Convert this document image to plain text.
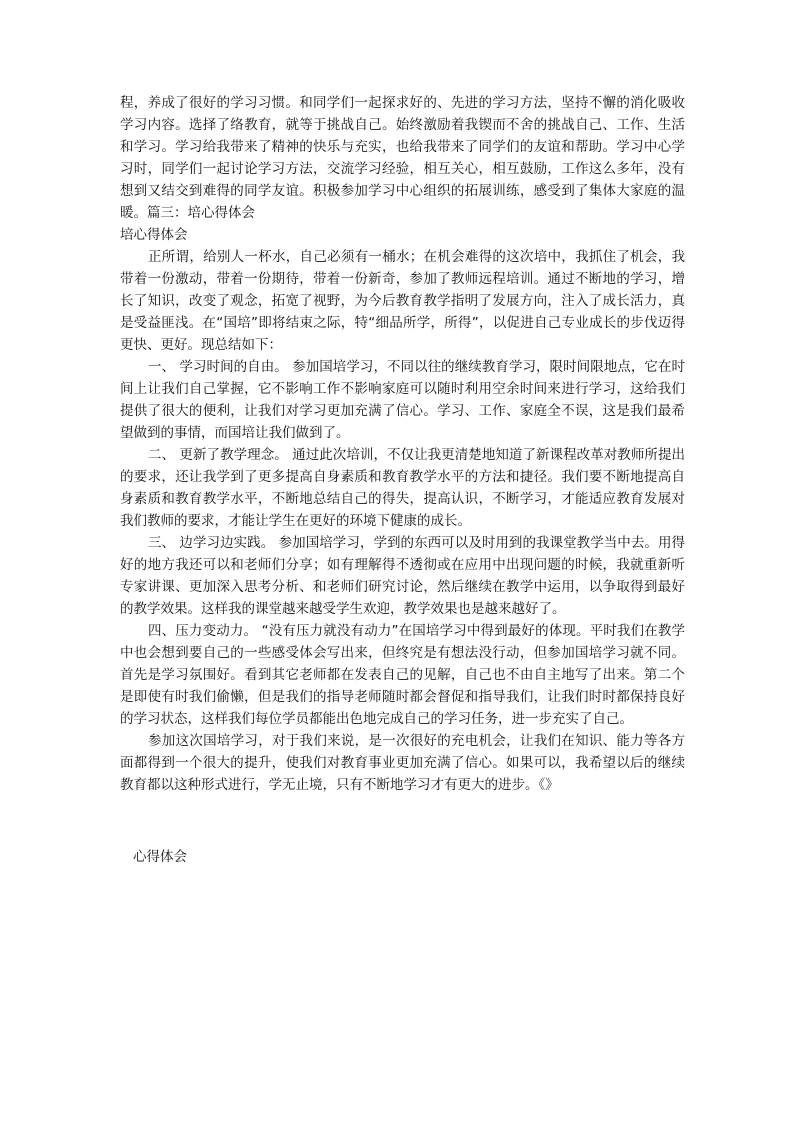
程，养成了很好的学习习惯。和同学们一起探求好的、先进的学习方法，坚持不懈的消化吸收学习内容。选择了络教育，就等于挑战自己。始终激励着我锲而不舍的挑战自己、工作、生活和学习。学习给我带来了精神的快乐与充实，也给我带来了同学们的友谊和帮助。学习中心学习时，同学们一起讨论学习方法，交流学习经验，相互关心，相互鼓励，工作这么多年，没有想到又结交到难得的同学友谊。积极参加学习中心组织的拓展训练，感受到了集体大家庭的温暖。篇三：培心得体会

培心得体会

正所谓，给别人一杯水，自己必须有一桶水；在机会难得的这次培中，我抓住了机会，我带着一份激动，带着一份期待，带着一份新奇，参加了教师远程培训。通过不断地的学习，增长了知识，改变了观念，拓宽了视野，为今后教育教学指明了发展方向，注入了成长活力，真是受益匪浅。在“国培”即将结束之际，特“细品所学，所得”，以促进自己专业成长的步伐迈得更快、更好。现总结如下：

一、 学习时间的自由。 参加国培学习，不同以往的继续教育学习，限时间限地点，它在时间上让我们自己掌握，它不影响工作不影响家庭可以随时利用空余时间来进行学习，这给我们提供了很大的便利，让我们对学习更加充满了信心。学习、工作、家庭全不误，这是我们最希望做到的事情，而国培让我们做到了。

二、 更新了教学理念。 通过此次培训，不仅让我更清楚地知道了新课程改革对教师所提出的要求，还让我学到了更多提高自身素质和教育教学水平的方法和捷径。我们要不断地提高自身素质和教育教学水平，不断地总结自己的得失，提高认识，不断学习，才能适应教育发展对我们教师的要求，才能让学生在更好的环境下健康的成长。

三、 边学习边实践。 参加国培学习，学到的东西可以及时用到的我课堂教学当中去。用得好的地方我还可以和老师们分享；如有理解得不透彻或在应用中出现问题的时候，我就重新听专家讲课、更加深入思考分析、和老师们研究讨论，然后继续在教学中运用，以争取得到最好的教学效果。这样我的课堂越来越受学生欢迎，教学效果也是越来越好了。

四、压力变动力。 “没有压力就没有动力”在国培学习中得到最好的体现。平时我们在教学中也会想到要自己的一些感受体会写出来，但终究是有想法没行动，但参加国培学习就不同。首先是学习氛围好。看到其它老师都在发表自己的见解，自己也不由自主地写了出来。第二个是即使有时我们偷懒，但是我们的指导老师随时都会督促和指导我们，让我们时时都保持良好的学习状态，这样我们每位学员都能出色地完成自己的学习任务，进一步充实了自己。

参加这次国培学习，对于我们来说，是一次很好的充电机会，让我们在知识、能力等各方面都得到一个很大的提升，使我们对教育事业更加充满了信心。如果可以，我希望以后的继续教育都以这种形式进行，学无止境，只有不断地学习才有更大的进步。《》

心得体会
